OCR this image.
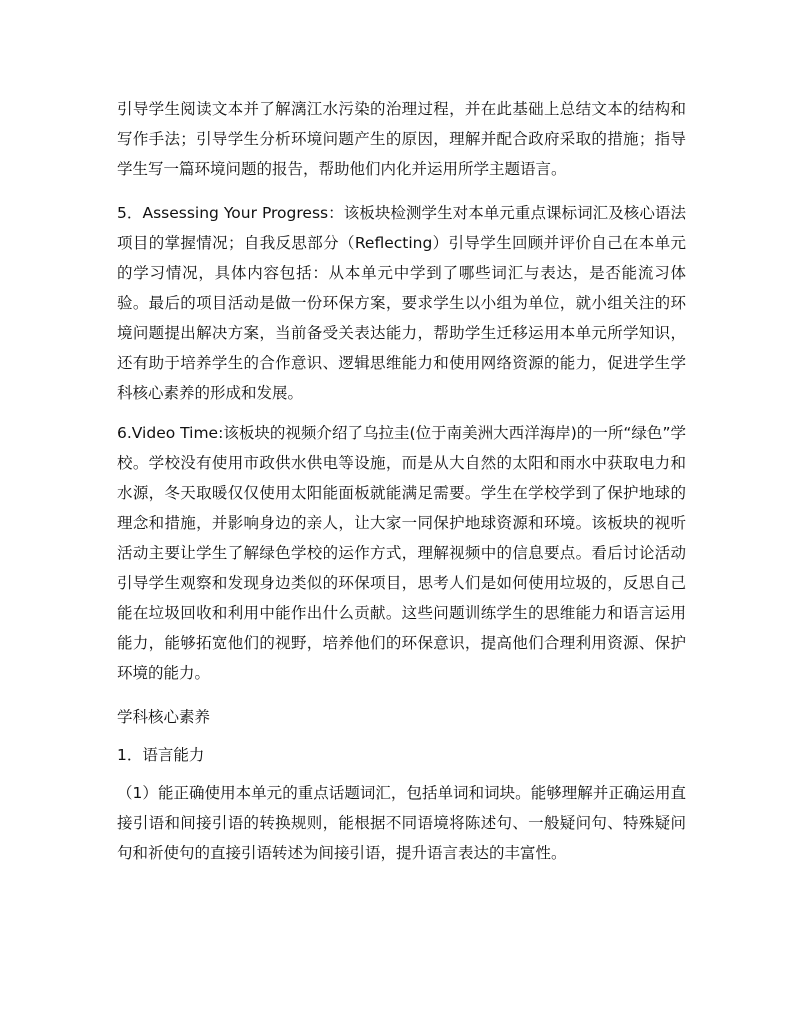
引导学生阅读文本并了解漓江水污染的治理过程，并在此基础上总结文本的结构和写作手法；引导学生分析环境问题产生的原因，理解并配合政府采取的措施；指导学生写一篇环境问题的报告，帮助他们内化并运用所学主题语言。

5．Assessing Your Progress：该板块检测学生对本单元重点课标词汇及核心语法项目的掌握情况；自我反思部分（Reflecting）引导学生回顾并评价自己在本单元的学习情况，具体内容包括：从本单元中学到了哪些词汇与表达，是否能流习体验。最后的项目活动是做一份环保方案，要求学生以小组为单位，就小组关注的环境问题提出解决方案，当前备受关表达能力，帮助学生迁移运用本单元所学知识，还有助于培养学生的合作意识、逻辑思维能力和使用网络资源的能力，促进学生学科核心素养的形成和发展。

6.Video Time:该板块的视频介绍了乌拉圭(位于南美洲大西洋海岸)的一所“绿色”学校。学校没有使用市政供水供电等设施，而是从大自然的太阳和雨水中获取电力和水源，冬天取暖仅仅使用太阳能面板就能满足需要。学生在学校学到了保护地球的理念和措施，并影响身边的亲人，让大家一同保护地球资源和环境。该板块的视听活动主要让学生了解绿色学校的运作方式，理解视频中的信息要点。看后讨论活动引导学生观察和发现身边类似的环保项目，思考人们是如何使用垃圾的，反思自己能在垃圾回收和利用中能作出什么贡献。这些问题训练学生的思维能力和语言运用能力，能够拓宽他们的视野，培养他们的环保意识，提高他们合理利用资源、保护环境的能力。

学科核心素养

1．语言能力

（1）能正确使用本单元的重点话题词汇，包括单词和词块。能够理解并正确运用直接引语和间接引语的转换规则，能根据不同语境将陈述句、一般疑问句、特殊疑问句和祈使句的直接引语转述为间接引语，提升语言表达的丰富性。
